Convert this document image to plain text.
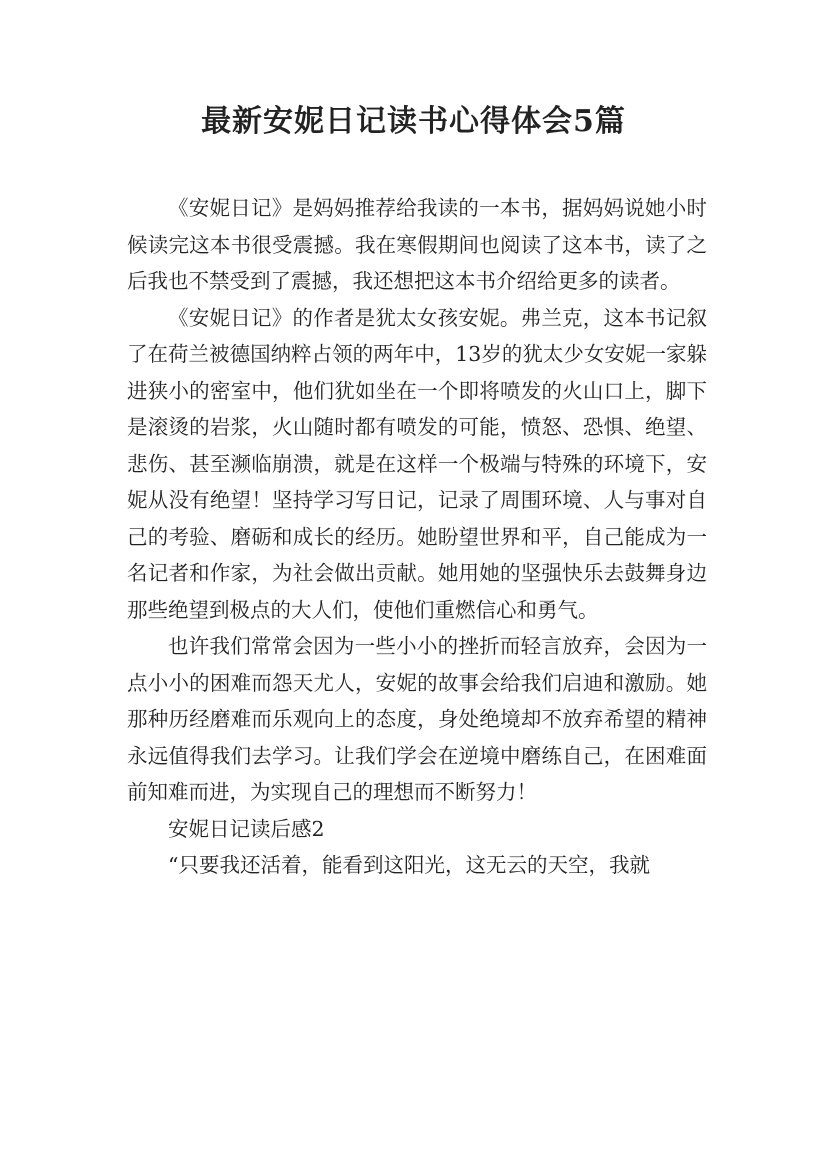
最新安妮日记读书心得体会5篇

《安妮日记》是妈妈推荐给我读的一本书，据妈妈说她小时候读完这本书很受震撼。我在寒假期间也阅读了这本书，读了之后我也不禁受到了震撼，我还想把这本书介绍给更多的读者。

《安妮日记》的作者是犹太女孩安妮。弗兰克，这本书记叙了在荷兰被德国纳粹占领的两年中，13岁的犹太少女安妮一家躲进狭小的密室中，他们犹如坐在一个即将喷发的火山口上，脚下是滚烫的岩浆，火山随时都有喷发的可能，愤怒、恐惧、绝望、悲伤、甚至濒临崩溃，就是在这样一个极端与特殊的环境下，安妮从没有绝望！坚持学习写日记，记录了周围环境、人与事对自己的考验、磨砺和成长的经历。她盼望世界和平，自己能成为一名记者和作家，为社会做出贡献。她用她的坚强快乐去鼓舞身边那些绝望到极点的大人们，使他们重燃信心和勇气。

也许我们常常会因为一些小小的挫折而轻言放弃，会因为一点小小的困难而怨天尤人，安妮的故事会给我们启迪和激励。她那种历经磨难而乐观向上的态度，身处绝境却不放弃希望的精神永远值得我们去学习。让我们学会在逆境中磨练自己，在困难面前知难而进，为实现自己的理想而不断努力！

安妮日记读后感2

“只要我还活着，能看到这阳光，这无云的天空，我就
